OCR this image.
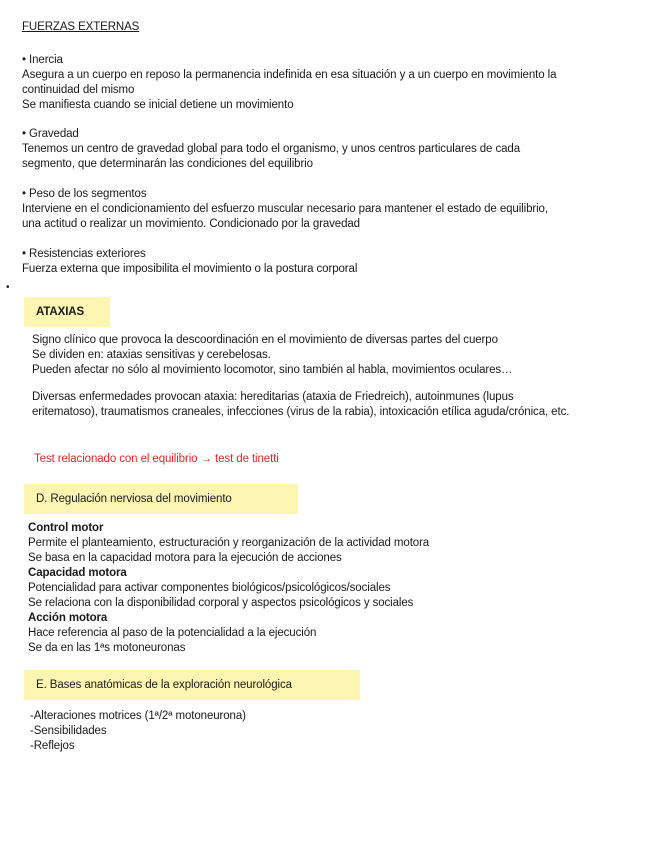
FUERZAS EXTERNAS

• Inercia

Asegura a un cuerpo en reposo la permanencia indefinida en esa situación y a un cuerpo en movimiento la

continuidad del mismo

Se manifiesta cuando se inicial detiene un movimiento

• Gravedad

Tenemos un centro de gravedad global para todo el organismo, y unos centros particulares de cada

segmento, que determinarán las condiciones del equilibrio

• Peso de los segmentos

Interviene en el condicionamiento del esfuerzo muscular necesario para mantener el estado de equilibrio,

una actitud o realizar un movimiento. Condicionado por la gravedad

• Resistencias exteriores

Fuerza externa que imposibilita el movimiento o la postura corporal

•
ATAXIAS

Signo clínico que provoca la descoordinación en el movimiento de diversas partes del cuerpo

Se dividen en: ataxias sensitivas y cerebelosas.

Pueden afectar no sólo al movimiento locomotor, sino también al habla, movimientos oculares…

Diversas enfermedades provocan ataxia: hereditarias (ataxia de Friedreich), autoinmunes (lupus

eritematoso), traumatismos craneales, infecciones (virus de la rabia), intoxicación etílica aguda/crónica, etc.

Test relacionado con el equilibrio → test de tinetti
D. Regulación nerviosa del movimiento

Control motor

Permite el planteamiento, estructuración y reorganización de la actividad motora

Se basa en la capacidad motora para la ejecución de acciones

Capacidad motora

Potencialidad para activar componentes biológicos/psicológicos/sociales

Se relaciona con la disponibilidad corporal y aspectos psicológicos y sociales

Acción motora

Hace referencia al paso de la potencialidad a la ejecución

Se da en las 1ªs motoneuronas

E. Bases anatómicas de la exploración neurológica

-Alteraciones motrices (1ª/2ª motoneurona)

-Sensibilidades

-Reflejos
